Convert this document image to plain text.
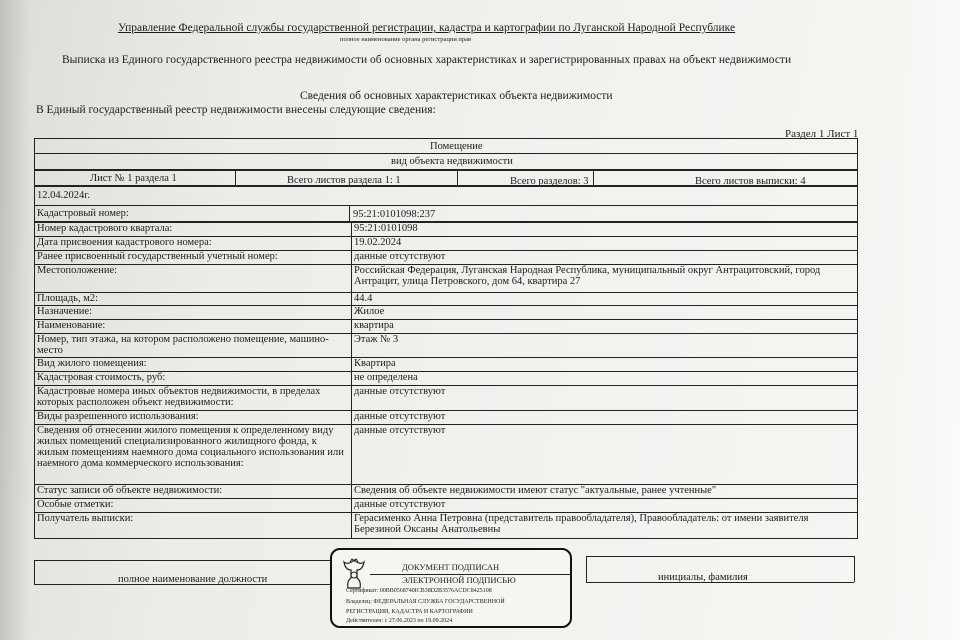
Управление Федеральной службы государственной регистрации, кадастра и картографии по Луганской Народной Республике
полное наименование органа регистрации прав
Выписка из Единого государственного реестра недвижимости об основных характеристиках и зарегистрированных правах на объект недвижимости
Сведения об основных характеристиках объекта недвижимости
В Единый государственный реестр недвижимости внесены следующие сведения:
Раздел 1 Лист 1
Помещение
вид объекта недвижимости
Лист № 1 раздела 1	Всего листов раздела 1: 1	Всего разделов: 3	Всего листов выписки: 4
12.04.2024г.
Кадастровый номер:	95:21:0101098:237
Номер кадастрового квартала:	95:21:0101098
Дата присвоения кадастрового номера:	19.02.2024
Ранее присвоенный государственный учетный номер:	данные отсутствуют
Местоположение:	Российская Федерация, Луганская Народная Республика, муниципальный округ Антрацитовский, город Антрацит, улица Петровского, дом 64, квартира 27
Площадь, м2:	44.4
Назначение:	Жилое
Наименование:	квартира
Номер, тип этажа, на котором расположено помещение, машино-место	Этаж № 3
Вид жилого помещения:	Квартира
Кадастровая стоимость, руб:	не определена
Кадастровые номера иных объектов недвижимости, в пределах которых расположен объект недвижимости:	данные отсутствуют
Виды разрешенного использования:	данные отсутствуют
Сведения об отнесении жилого помещения к определенному виду жилых помещений специализированного жилищного фонда, к жилым помещениям наемного дома социального использования или наемного дома коммерческого использования:	данные отсутствуют
Статус записи об объекте недвижимости:	Сведения об объекте недвижимости имеют статус "актуальные, ранее учтенные"
Особые отметки:	данные отсутствуют
Получатель выписки:	Герасименко Анна Петровна (представитель правообладателя), Правообладатель: от имени заявителя Березиной Оксаны Анатольевны
полное наименование должности	инициалы, фамилия
ДОКУМЕНТ ПОДПИСАН
ЭЛЕКТРОННОЙ ПОДПИСЬЮ
Сертификат: 00BB0568740ICB38D2B3576ACDC8425108
Владелец: ФЕДЕРАЛЬНАЯ СЛУЖБА ГОСУДАРСТВЕННОЙ
РЕГИСТРАЦИИ, КАДАСТРА И КАРТОГРАФИИ
Действителен: с 27.06.2023 по 19.09.2024
